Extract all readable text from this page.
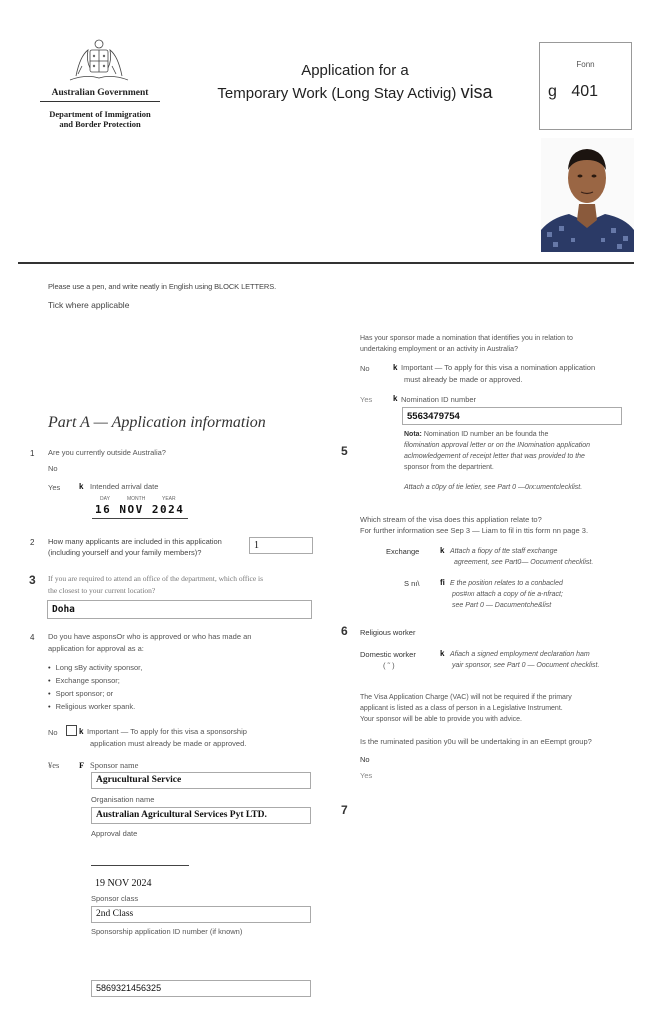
Australian Government
Department of Immigration
and Border Protection
Application for a
Temporary Work (Long Stay Activig) visa
Fonn
g 401
Please use a pen, and write neatly in English using BLOCK LETTERS.
Tick where applicable
Part A — Application information
1 Are you currently outside Australia?
No
Yes k Intended arrival date
DAY	MONTH	YEAR
16 NOV 2024
2 How many applicants are included in this application
(including yourself and your family members)?
1
3 If you are required to attend an office of the department, which office is
the closest to your current location?
Doha
4 Do you have asponsOr who is approved or who has made an
application for approval as a:
• Long sBy activity sponsor,
• Exchange sponsor;
• Sport sponsor; or
• Religious worker spank.
No	k Important — To apply for this visa a sponsorship
application must already be made or approved.
¥es F Sponsor name
Agrucultural Service
Organisation name
Australian Agricultural Services Pyt LTD.
Approval date
19 NOV 2024
Sponsor class
2nd Class
Sponsorship application ID number (if known)
5869321456325
Has your sponsor made a nomination that identifies you in relation to
undertaking employment or an activity in Australia?
No	k Important — To apply for this visa a nomination application
must already be made or approved.
5
Yes	k Nomination ID number
5563479754
Nota: Nomination ID number an be founda the
filomination approval letter or on the INomination application
aclmowledgement of receipt letter that was provided to the
sponsor from the departrient.
Attach a c0py of tie letier, see Part 0 —0ıx:umentclecklist.
Which stream of the visa does this appliation relate to?
For further information see Sep 3 — Liam to fil in ttis form nn page 3.
Exchange	k Attach a fiopy of tte staff exchange
agreement, see Part0— Oocument checklist.
S nı\	fi E the position relates to a conbacled
pos#ıxı attach a copy of tie a-nfract;
see Part 0 — Dacumentche&list
6 Religious worker
Domestic worker	k
( ˜ )
Afiach a signed employment declaration ham
yair sponsor, see Part 0 — Oocument checklist.
The Visa Application Charge (VAC) will not be required if the primary
applicant is listed as a class of person in a Legislative Instrument.
Your sponsor will be able to provide you with advice.
Is the ruminated pasition y0u will be undertaking in an eEempt group?
No
Yes
7
